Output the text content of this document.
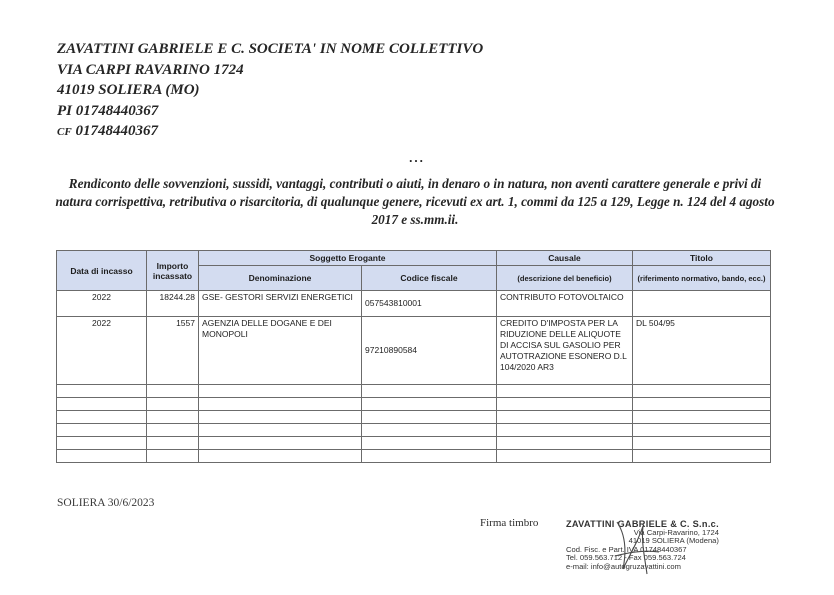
ZAVATTINI GABRIELE E C. SOCIETA' IN NOME COLLETTIVO
VIA CARPI RAVARINO 1724
41019 SOLIERA (MO)
PI 01748440367
CF 01748440367
...
Rendiconto delle sovvenzioni, sussidi, vantaggi, contributi o aiuti, in denaro o in natura, non aventi carattere generale e privi di natura corrispettiva, retributiva o risarcitoria, di qualunque genere, ricevuti ex art. 1, commi da 125 a 129, Legge n. 124 del 4 agosto 2017 e ss.mm.ii.
Data di incasso	Importo incassato	Soggetto Erogante		Causale	Titolo
		Denominazione	Codice fiscale	(descrizione del beneficio)	(riferimento normativo, bando, ecc.)
2022	18244.28	GSE- GESTORI SERVIZI ENERGETICI	057543810001	CONTRIBUTO FOTOVOLTAICO	
2022	1557	AGENZIA DELLE DOGANE E DEI MONOPOLI	97210890584	CREDITO D'IMPOSTA PER LA RIDUZIONE DELLE ALIQUOTE DI ACCISA SUL GASOLIO PER AUTOTRAZIONE ESONERO D.L 104/2020 AR3	DL 504/95

SOLIERA 30/6/2023
Firma timbro	ZAVATTINI GABRIELE & C. S.n.c.
Via Carpi-Ravarino, 1724
41019 SOLIERA (Modena)
Cod. Fisc. e Part. IVA 01748440367
Tel. 059.563.712 - Fax 059.563.724
e-mail: info@autogruzavattini.com
